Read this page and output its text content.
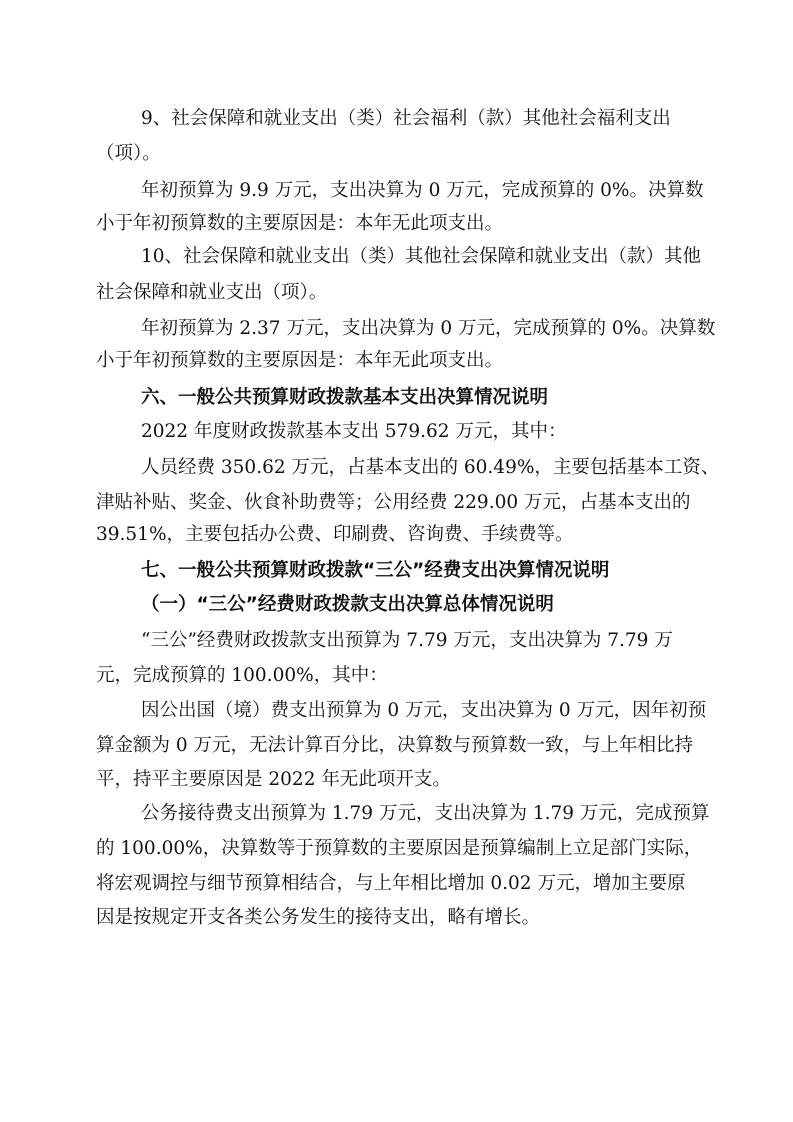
9、社会保障和就业支出（类）社会福利（款）其他社会福利支出
（项）。
年初预算为 9.9 万元，支出决算为 0 万元，完成预算的 0%。决算数
小于年初预算数的主要原因是：本年无此项支出。
10、社会保障和就业支出（类）其他社会保障和就业支出（款）其他
社会保障和就业支出（项）。
年初预算为 2.37 万元，支出决算为 0 万元，完成预算的 0%。决算数
小于年初预算数的主要原因是：本年无此项支出。
六、一般公共预算财政拨款基本支出决算情况说明
2022 年度财政拨款基本支出 579.62 万元，其中：
人员经费 350.62 万元，占基本支出的 60.49%，主要包括基本工资、
津贴补贴、奖金、伙食补助费等；公用经费 229.00 万元，占基本支出的
39.51%，主要包括办公费、印刷费、咨询费、手续费等。
七、一般公共预算财政拨款“三公”经费支出决算情况说明
（一）“三公”经费财政拨款支出决算总体情况说明
“三公”经费财政拨款支出预算为 7.79 万元，支出决算为 7.79 万
元，完成预算的 100.00%，其中：
因公出国（境）费支出预算为 0 万元，支出决算为 0 万元，因年初预
算金额为 0 万元，无法计算百分比，决算数与预算数一致，与上年相比持
平，持平主要原因是 2022 年无此项开支。
公务接待费支出预算为 1.79 万元，支出决算为 1.79 万元，完成预算
的 100.00%，决算数等于预算数的主要原因是预算编制上立足部门实际，
将宏观调控与细节预算相结合，与上年相比增加 0.02 万元，增加主要原
因是按规定开支各类公务发生的接待支出，略有增长。
